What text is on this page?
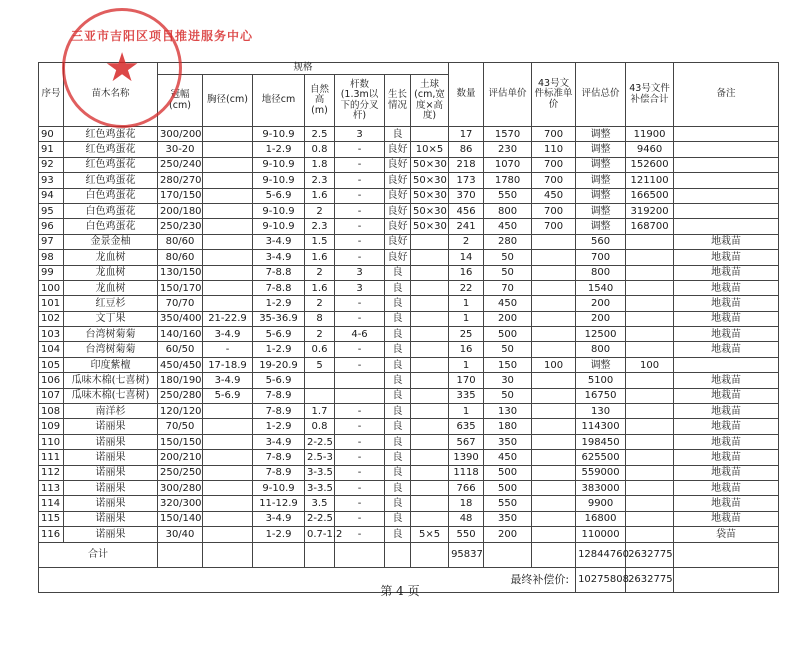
三亚市吉阳区项目推进服务中心
★
序号	苗木名称	规格							数量	评估单价	43号文件标准单价	评估总价	43号文件补偿合计	备注
		冠幅(cm)	胸径(cm)	地径cm	自然高(m)	杆数(1.3m以下的分叉杆)	生长情况	土球(cm,宽度×高度)						
90	红色鸡蛋花	300/200		9-10.9	2.5	3	良		17	1570	700	调整	11900	
91	红色鸡蛋花	30-20		1-2.9	0.8	-	良好	10×5	86	230	110	调整	9460	
92	红色鸡蛋花	250/240		9-10.9	1.8	-	良好	50×30	218	1070	700	调整	152600	
93	红色鸡蛋花	280/270		9-10.9	2.3	-	良好	50×30	173	1780	700	调整	121100	
94	白色鸡蛋花	170/150		5-6.9	1.6	-	良好	50×30	370	550	450	调整	166500	
95	白色鸡蛋花	200/180		9-10.9	2	-	良好	50×30	456	800	700	调整	319200	
96	白色鸡蛋花	250/230		9-10.9	2.3	-	良好	50×30	241	450	700	调整	168700	
97	金景金柚	80/60		3-4.9	1.5	-	良好		2	280		560		地栽苗
98	龙血树	80/60		3-4.9	1.6	-	良好		14	50		700		地栽苗
99	龙血树	130/150		7-8.8	2	3	良		16	50		800		地栽苗
100	龙血树	150/170		7-8.8	1.6	3	良		22	70		1540		地栽苗
101	红豆杉	70/70		1-2.9	2	-	良		1	450		200		地栽苗
102	文丁果	350/400	21-22.9	35-36.9	8	-	良		1	200		200		地栽苗
103	台湾树菊菊	140/160	3-4.9	5-6.9	2	4-6	良		25	500		12500		地栽苗
104	台湾树菊菊	60/50	-	1-2.9	0.6	-	良		16	50		800		地栽苗
105	印度紫檀	450/450	17-18.9	19-20.9	5	-	良		1	150	100	调整	100	
106	瓜味木棉(七喜树)	180/190	3-4.9	5-6.9			良		170	30		5100		地栽苗
107	瓜味木棉(七喜树)	250/280	5-6.9	7-8.9			良		335	50		16750		地栽苗
108	南洋杉	120/120		7-8.9	1.7	-	良		1	130		130		地栽苗
109	诺丽果	70/50		1-2.9	0.8	-	良		635	180		114300		地栽苗
110	诺丽果	150/150		3-4.9	2-2.5	-	良		567	350		198450		地栽苗
111	诺丽果	200/210		7-8.9	2.5-3	-	良		1390	450		625500		地栽苗
112	诺丽果	250/250		7-8.9	3-3.5	-	良		1118	500		559000		地栽苗
113	诺丽果	300/280		9-10.9	3-3.5	-	良		766	500		383000		地栽苗
114	诺丽果	320/300		11-12.9	3.5	-	良		18	550		9900		地栽苗
115	诺丽果	150/140		3-4.9	2-2.5	-	良		48	350		16800		地栽苗
116	诺丽果	30/40		1-2.9	0.7-1.2	-	良	5×5	550	200		110000		袋苗
合计									95837			12844760	2632775	
最终补偿价:												10275808	2632775	
第 4 页
